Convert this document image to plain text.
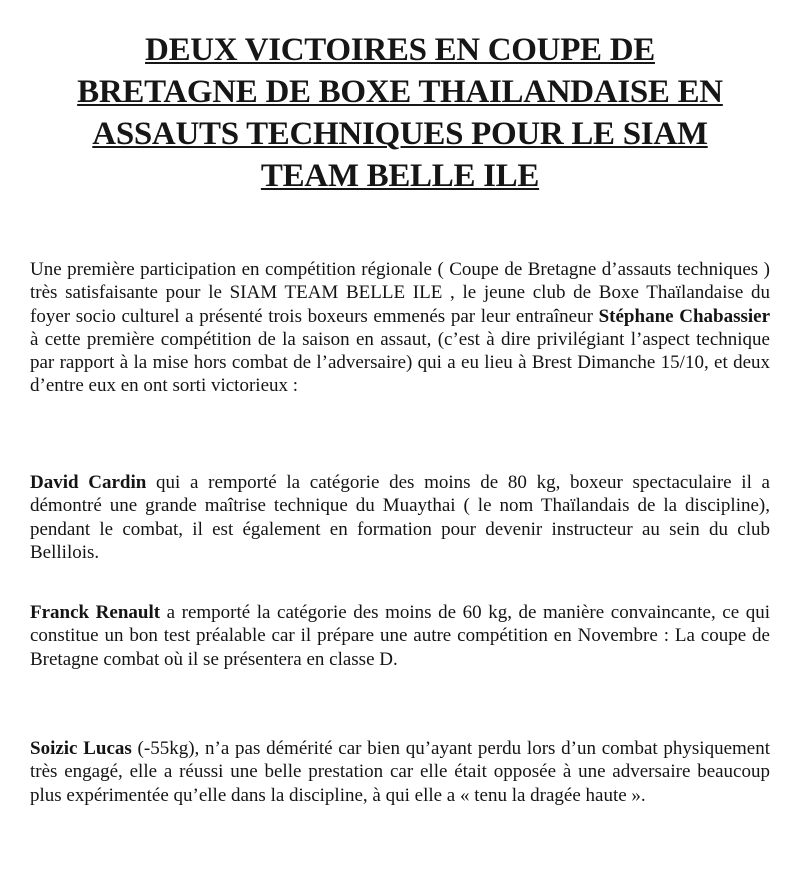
DEUX VICTOIRES EN COUPE DE
BRETAGNE DE BOXE THAILANDAISE EN
ASSAUTS TECHNIQUES POUR LE SIAM
TEAM BELLE ILE

Une première participation en compétition régionale ( Coupe de Bretagne d’assauts techniques ) très satisfaisante pour le SIAM TEAM BELLE ILE , le jeune club de Boxe Thaïlandaise du foyer socio culturel a présenté trois boxeurs emmenés par leur entraîneur Stéphane Chabassier à cette première compétition de la saison en assaut, (c’est à dire privilégiant l’aspect technique par rapport à la mise hors combat de l’adversaire) qui a eu lieu à Brest Dimanche 15/10, et deux d’entre eux en ont sorti victorieux :

David Cardin qui a remporté la catégorie des moins de 80 kg, boxeur spectaculaire il a démontré une grande maîtrise technique du Muaythai ( le nom Thaïlandais de la discipline), pendant le combat, il est également en formation pour devenir instructeur au sein du club Bellilois.

Franck Renault a remporté la catégorie des moins de 60 kg, de manière convaincante, ce qui constitue un bon test préalable car il prépare une autre compétition en Novembre : La coupe de Bretagne combat où il se présentera en classe D.

Soizic Lucas (-55kg), n’a pas démérité car bien qu’ayant perdu lors d’un combat physiquement très engagé, elle a réussi une belle prestation car elle était opposée à une adversaire beaucoup plus expérimentée qu’elle dans la discipline, à qui elle a « tenu la dragée haute ».
